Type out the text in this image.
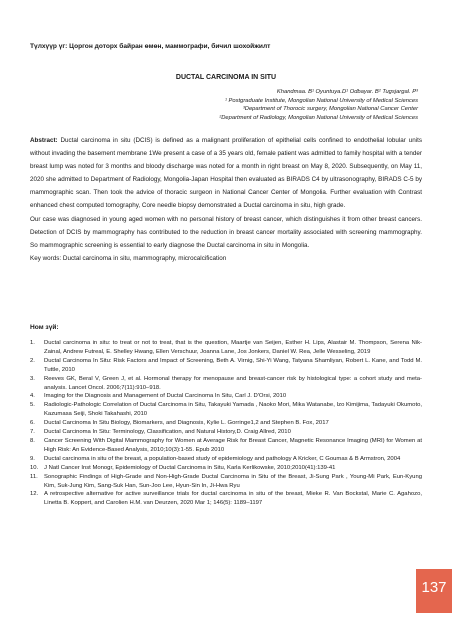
Түлхүүр үг: Цоргон доторх байран өмөн, маммографи, бичил шохойжилт
DUCTAL CARCINOMA IN SITU
Khandmaa. B¹ Oyuntuya.D¹ Odbayar. B² Tugsjargal. P³
¹ Postgraduate Institute, Mongolian National University of Medical Sciences
³Department of Thorocic surgery, Mongolian National Cancer Center
²Department of Radiology, Mongolian National University of Medical Sciences
Abstract: Ductal carcinoma in situ (DCIS) is defined as a malignant proliferation of epithelial cells confined to endothelial lobular units without invading the basement membrane 1We present a case of a 35 years old, female patient was admitted to family hospital with a tender breast lump was noted for 3 months and bloody discharge was noted for a month in right breast on May 8, 2020. Subsequently, on May 11, 2020 she admitted to Department of Radiology, Mongolia-Japan Hospital then evaluated as BIRADS C4 by ultrasonography, BIRADS C-5 by mammographic scan. Then took the advice of thoracic surgeon in National Cancer Center of Mongolia. Further evaluation with Contrast enhanced chest computed tomography, Core needle biopsy demonstrated a Ductal carcinoma in situ, high grade.
Our case was diagnosed in young aged women with no personal history of breast cancer, which distinguishes it from other breast cancers. Detection of DCIS by mammography has contributed to the reduction in breast cancer mortality associated with screening mammography. So mammographic screening is essential to early diagnose the Ductal carcinoma in situ in Mongolia.
Key words: Ductal carcinoma in situ, mammography, microcalcification
Ном зүй:
1. Ductal carcinoma in situ: to treat or not to treat, that is the question, Maartje van Seijen, Esther H. Lips, Alastair M. Thompson, Serena Nik-Zainal, Andrew Futreal, E. Shelley Hwang, Ellen Verschuur, Joanna Lane, Jos Jonkers, Daniel W. Rea, Jelle Wesseling, 2019
2. Ductal Carcinoma In Situ: Risk Factors and Impact of Screening, Beth A. Virnig, Shi-Yi Wang, Tatyana Shamliyan, Robert L. Kane, and Todd M. Tuttle, 2010
3. Reeves GK, Beral V, Green J, et al. Hormonal therapy for menopause and breast-cancer risk by histological type: a cohort study and meta-analysis. Lancet Oncol. 2006;7(11):910–918.
4. Imaging for the Diagnosis and Management of Ductal Carcinoma In Situ, Carl J. D'Orsi, 2010
5. Radiologic-Pathologic Correlation of Ductal Carcinoma in Situ, Takayuki Yamada , Naoko Mori, Mika Watanabe, Izo Kimijima, Tadayuki Okumoto, Kazumasa Seiji, Shoki Takahashi, 2010
6. Ductal Carcinoma In Situ Biology, Biomarkers, and Diagnosis, Kylie L. Gorringe1,2 and Stephen B. Fox, 2017
7. Ductal Carcinoma In Situ: Terminology, Classification, and Natural History,D. Craig Allred, 2010
8. Cancer Screening With Digital Mammography for Women at Average Risk for Breast Cancer, Magnetic Resonance Imaging (MRI) for Women at High Risk: An Evidence-Based Analysis, 2010;10(3):1-55. Epub 2010
9. Ductal carcinoma in situ of the breast, a population-based study of epidemiology and pathology A Kricker, C Goumas & B Armstron, 2004
10. J Natl Cancer Inst Monogr, Epidemiology of Ductal Carcinoma in Situ, Karla Kerlikowske, 2010;2010(41):139-41
11. Sonographic Findings of High-Grade and Non-High-Grade Ductal Carcinoma in Situ of the Breast, Ji-Sung Park , Young-Mi Park, Eun-Kyung Kim, Suk-Jung Kim, Sang-Suk Han, Sun-Joo Lee, Hyun-Sin In, Ji-Hwa Ryu
12. A retrospective alternative for active surveillance trials for ductal carcinoma in situ of the breast, Mieke R. Van Bockstal, Marie C. Agahozo, Linetta B. Koppert, and Carolien H.M. van Deurzen, 2020 Mar 1; 146(5): 1189–1197
137
